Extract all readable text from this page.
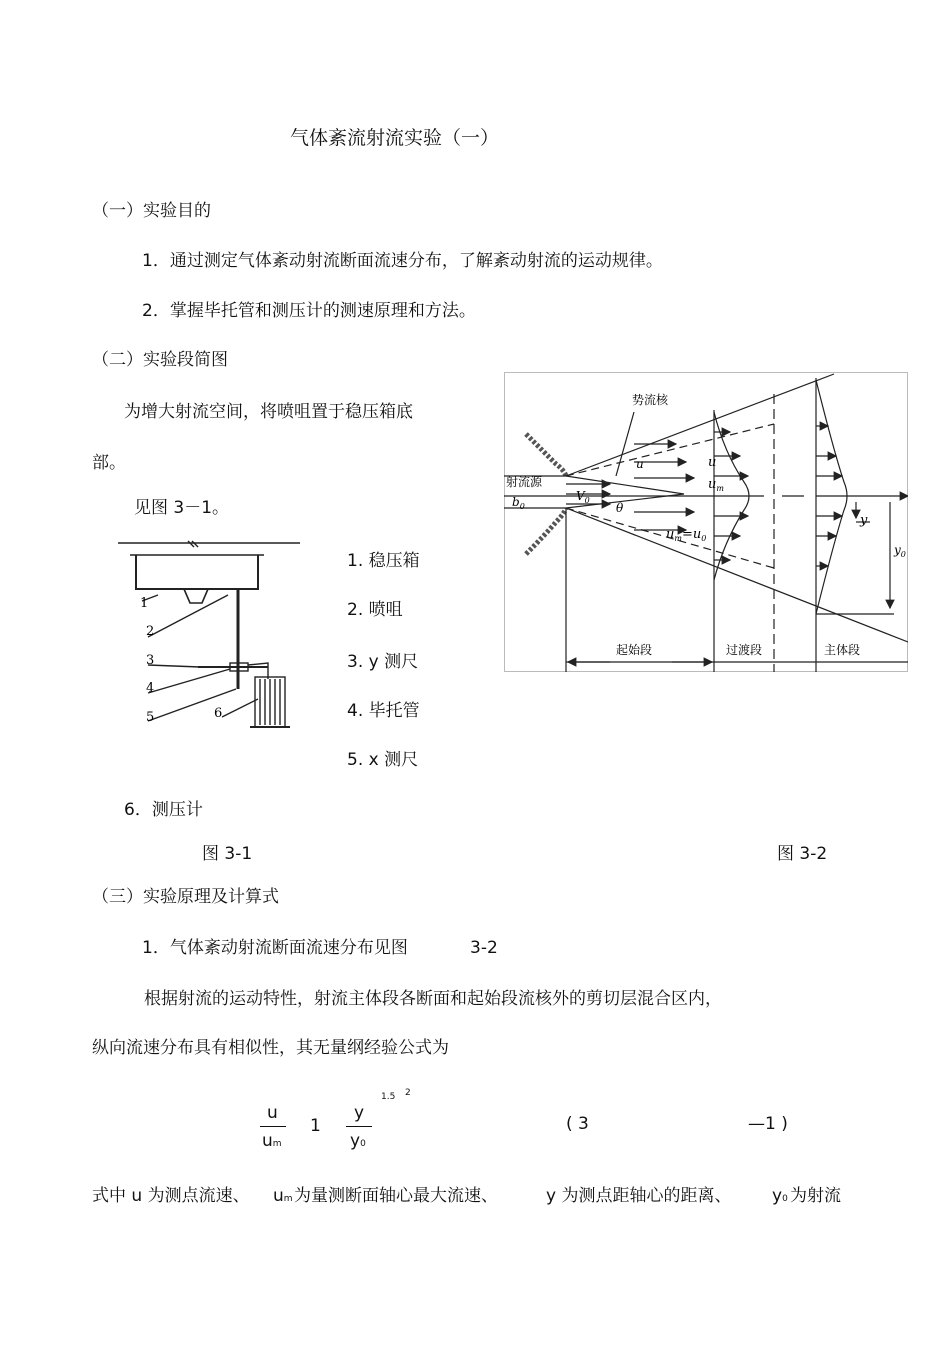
气体紊流射流实验（一）
（一）实验目的
1．通过测定气体紊动射流断面流速分布，了解紊动射流的运动规律。
2．掌握毕托管和测压计的测速原理和方法。
（二）实验段简图
为增大射流空间，将喷咀置于稳压箱底
部。
见图 3－1。
1. 稳压箱
2. 喷咀
3. y 测尺
4. 毕托管
5. x 测尺
6．测压计
1
2
3
4
5	6
势流核
射流源
$b_0$
$V_0$
θ
u	u
$u_m$
$u_m=u_0$
y
$y_0$
起始段	过渡段	主体段
图 3-1	图 3-2
（三）实验原理及计算式
1．气体紊动射流断面流速分布见图	3-2
根据射流的运动特性，射流主体段各断面和起始段流核外的剪切层混合区内，
纵向流速分布具有相似性，其无量纲经验公式为
u
um
1
y
y0
1.5 2
( 3	—1 )
式中 u 为测点流速、 um 为量测断面轴心最大流速、	y 为测点距轴心的距离、 y0 为射流
